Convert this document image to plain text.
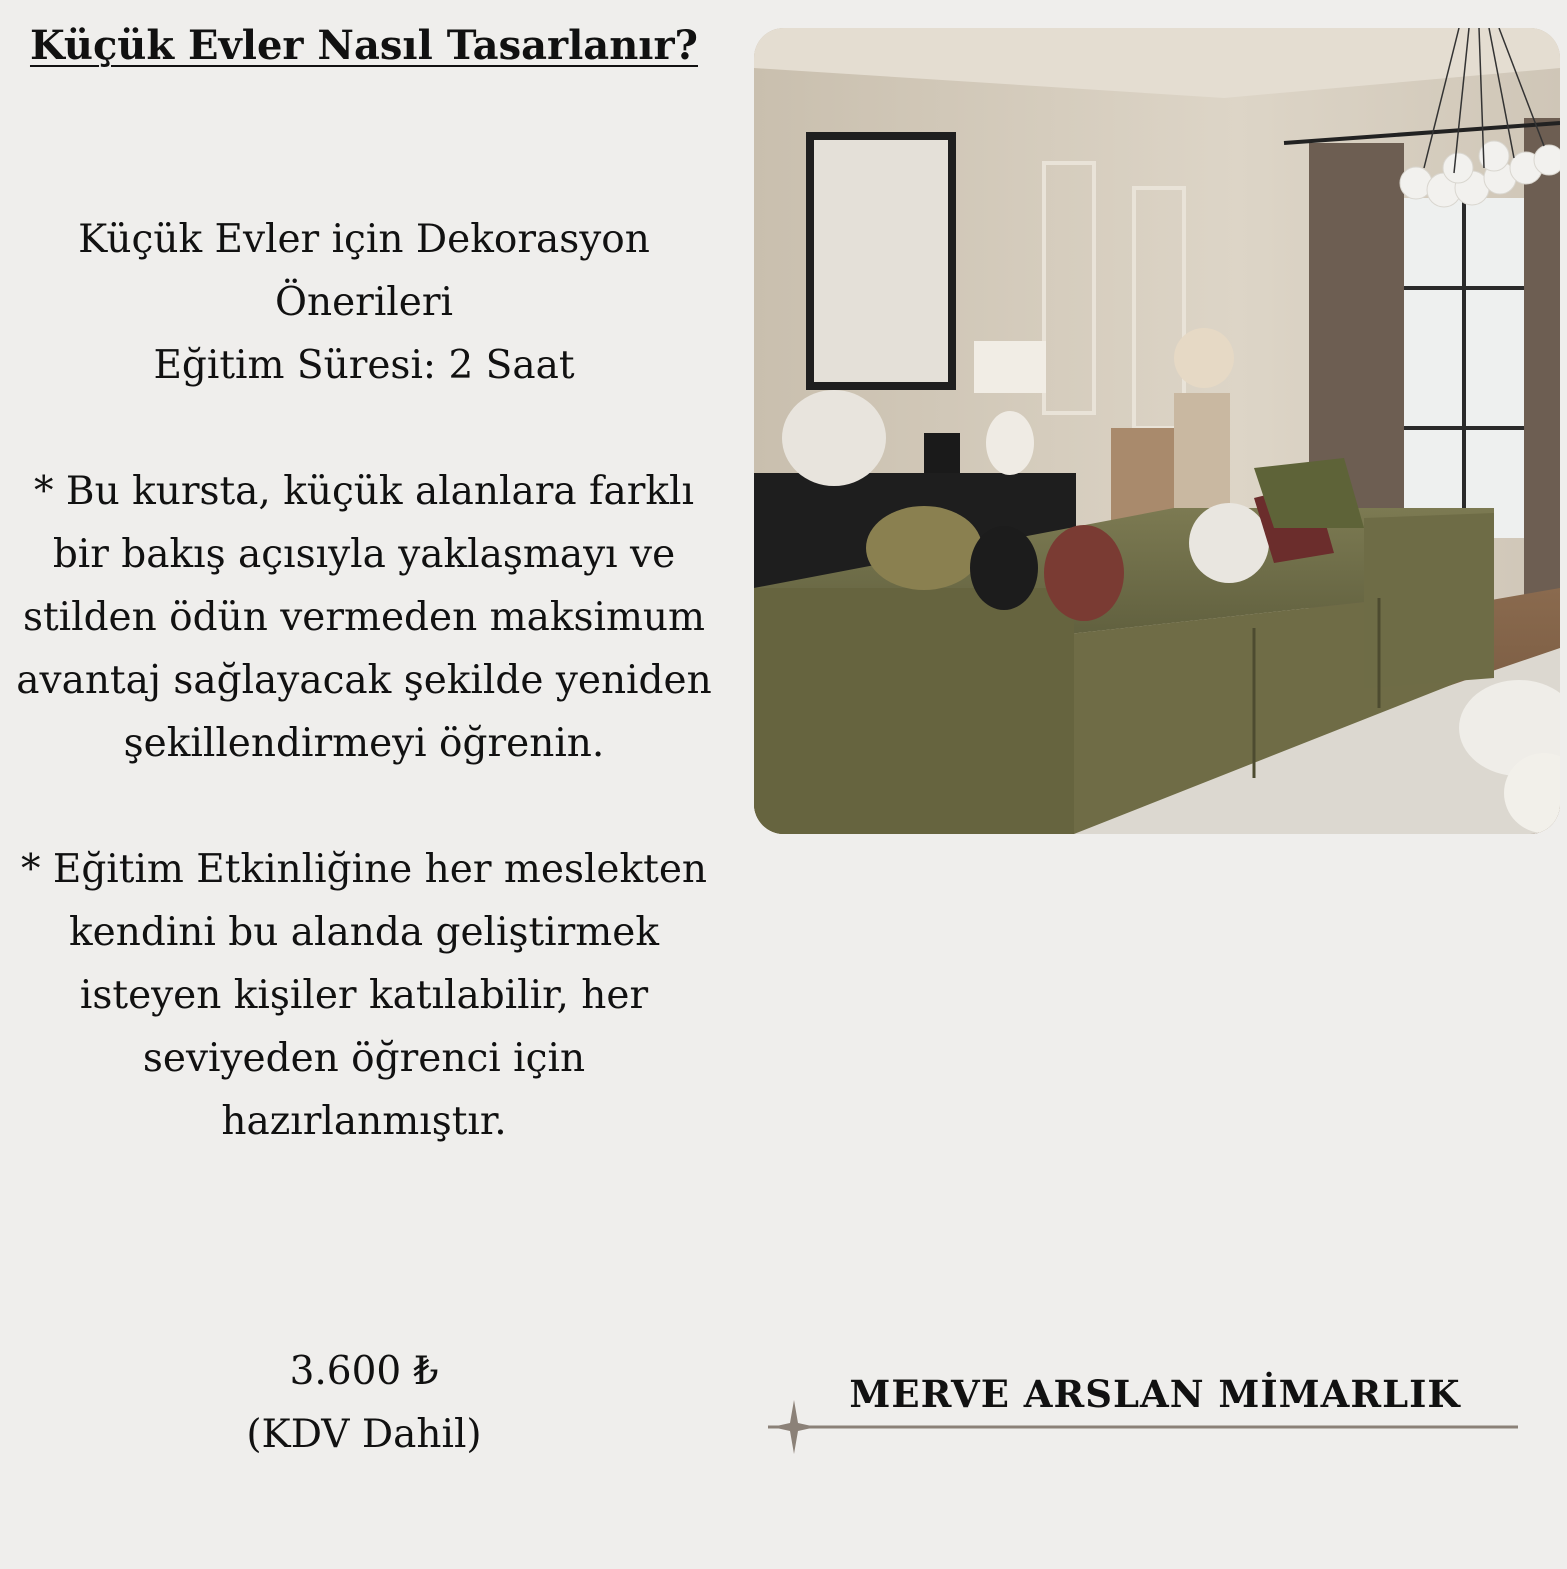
Küçük Evler Nasıl Tasarlanır?

Küçük Evler için Dekorasyon

Önerileri

Eğitim Süresi: 2 Saat

* Bu kursta, küçük alanlara farklı

bir bakış açısıyla yaklaşmayı ve

stilden ödün vermeden maksimum

avantaj sağlayacak şekilde yeniden

şekillendirmeyi öğrenin.

* Eğitim Etkinliğine her meslekten

kendini bu alanda geliştirmek

isteyen kişiler katılabilir, her

seviyeden öğrenci için

hazırlanmıştır.

3.600 ₺
(KDV Dahil)
MERVE ARSLAN MİMARLIK
